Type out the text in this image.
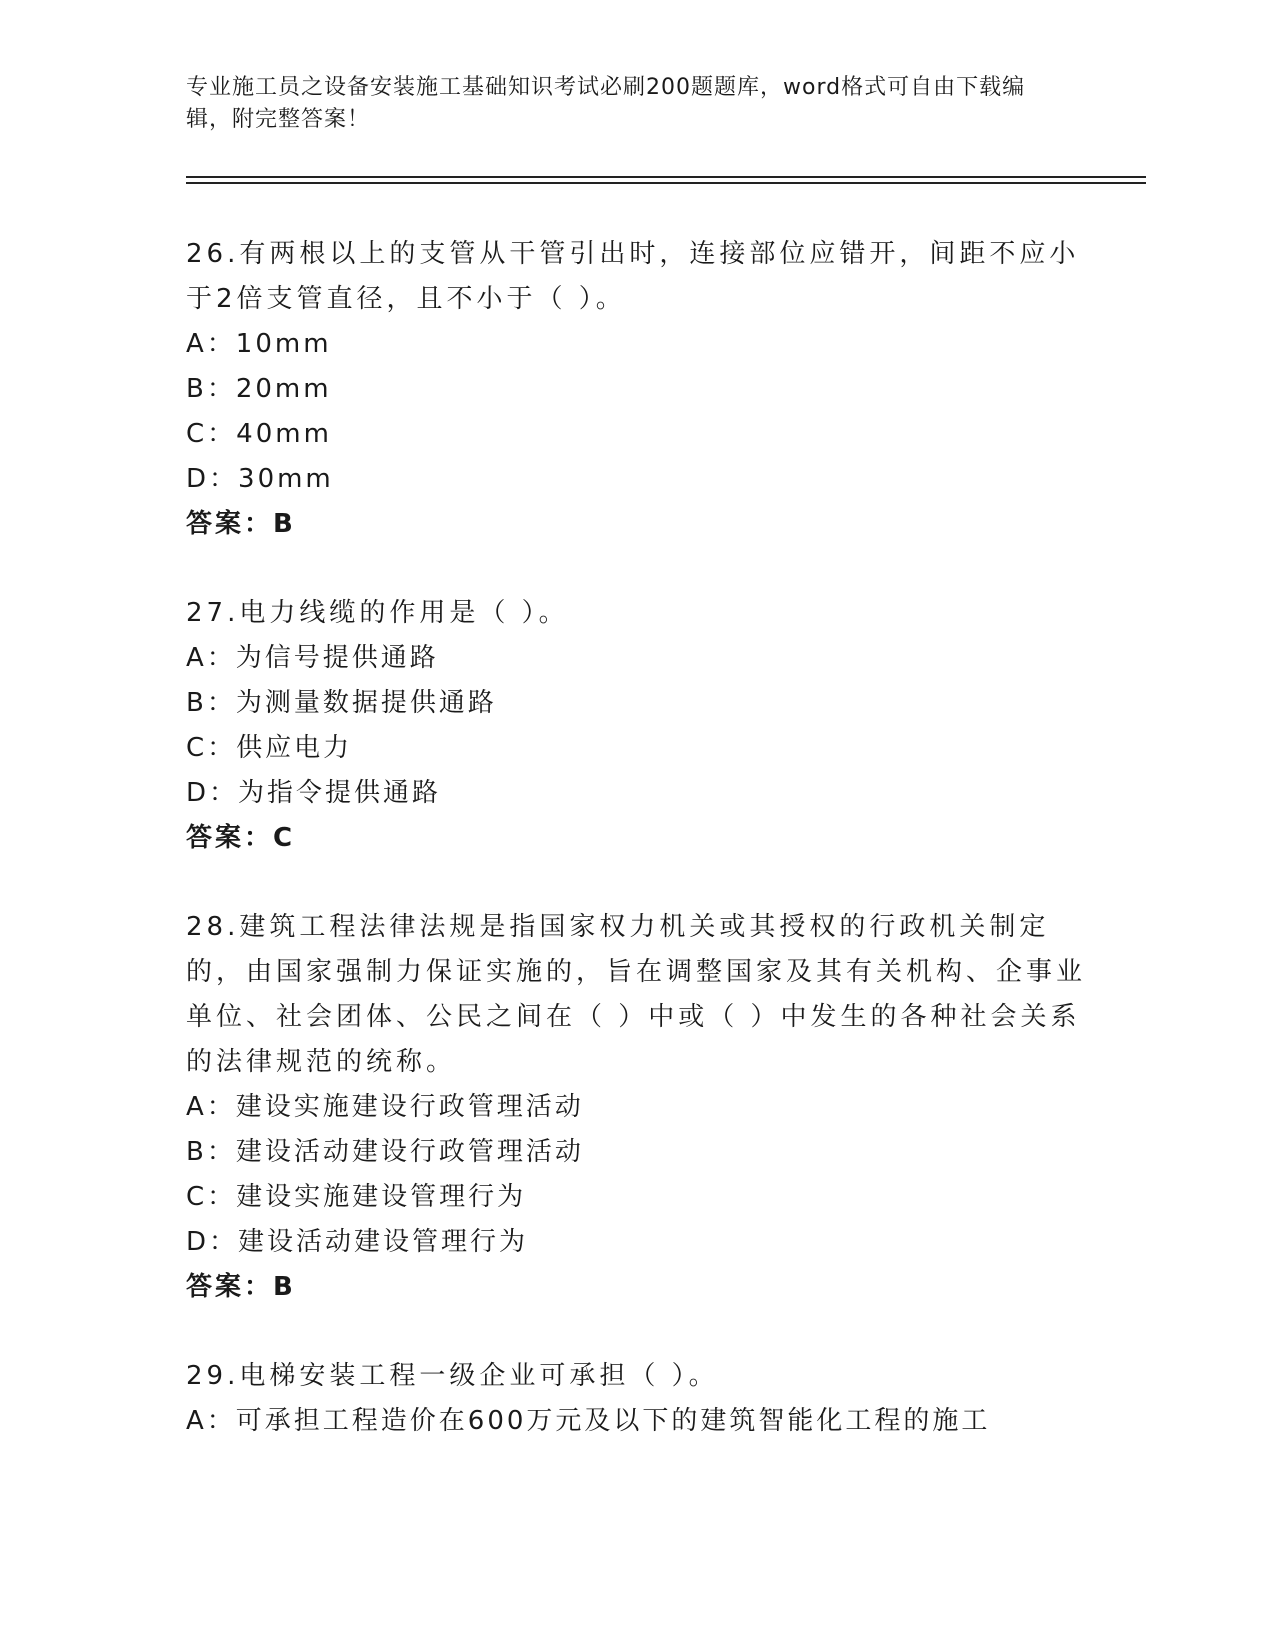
专业施工员之设备安装施工基础知识考试必刷200题题库，word格式可自由下载编辑，附完整答案！
26.有两根以上的支管从干管引出时，连接部位应错开，间距不应小于2倍支管直径，且不小于（ ）。
A：10mm
B：20mm
C：40mm
D：30mm
答案：B
27.电力线缆的作用是（ ）。
A：为信号提供通路
B：为测量数据提供通路
C：供应电力
D：为指令提供通路
答案：C
28.建筑工程法律法规是指国家权力机关或其授权的行政机关制定的，由国家强制力保证实施的，旨在调整国家及其有关机构、企事业单位、社会团体、公民之间在（ ）中或（ ）中发生的各种社会关系的法律规范的统称。
A：建设实施建设行政管理活动
B：建设活动建设行政管理活动
C：建设实施建设管理行为
D：建设活动建设管理行为
答案：B
29.电梯安装工程一级企业可承担（ ）。
A：可承担工程造价在600万元及以下的建筑智能化工程的施工
